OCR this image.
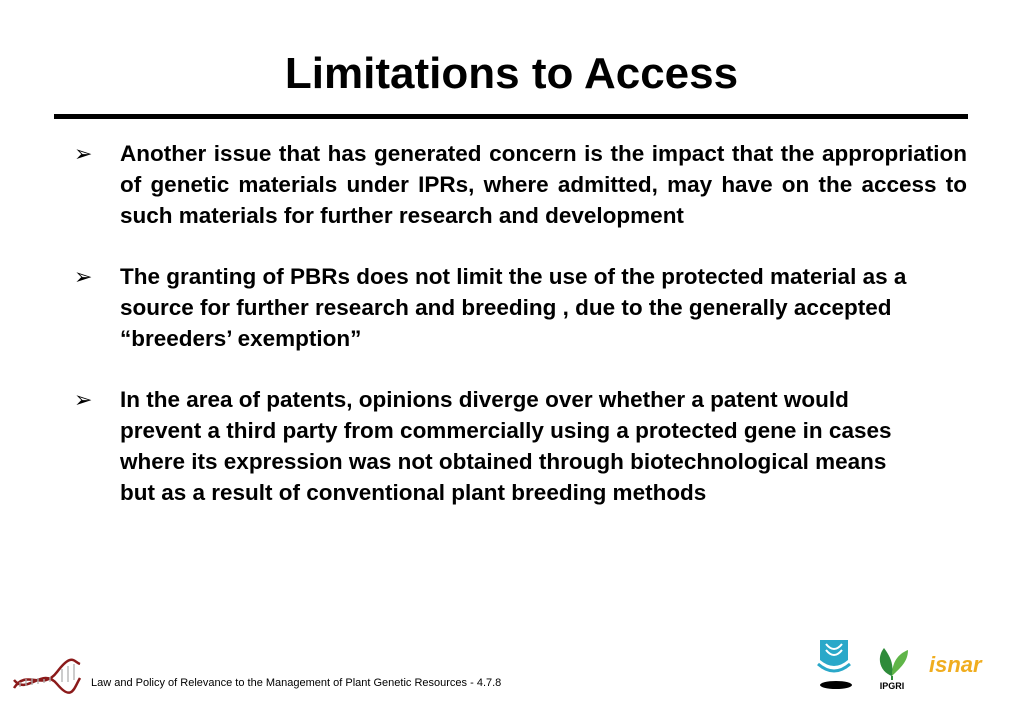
Limitations to Access
➢ Another issue that has generated concern is the impact that the appropriation of genetic materials under IPRs, where admitted, may have on the access to such materials for further research and development
➢ The granting of PBRs does not limit the use of the protected material as a source for further research and breeding , due to the generally accepted “breeders’ exemption”
➢ In the area of patents, opinions diverge over whether a patent would prevent a third party from commercially using a protected gene in cases where its expression was not obtained through biotechnological means but as a result of conventional plant breeding methods
Law and Policy of Relevance to the Management of Plant Genetic Resources - 4.7.8	IPGRI
isnar
